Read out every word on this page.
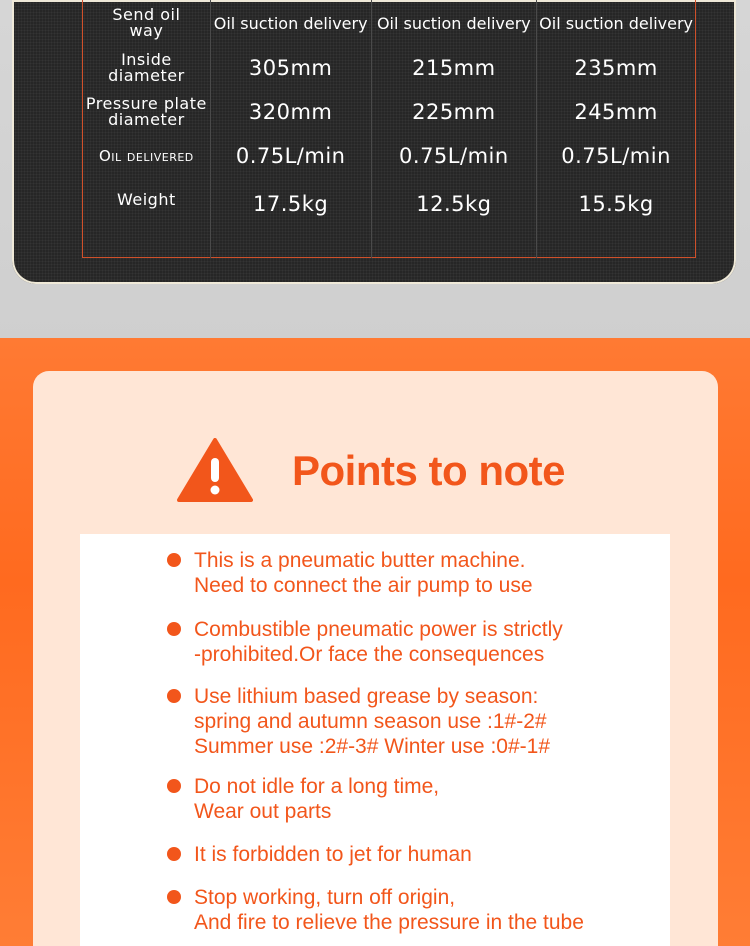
Send oil
way	Oil suction delivery	Oil suction delivery	Oil suction delivery
Inside
diameter	305mm	215mm	235mm
Pressure plate
diameter	320mm	225mm	245mm
Oil delivered	0.75L/min	0.75L/min	0.75L/min
Weight	17.5kg	12.5kg	15.5kg
Points to note
This is a pneumatic butter machine.
Need to connect the air pump to use
Combustible pneumatic power is strictly
-prohibited.Or face the consequences
Use lithium based grease by season:
spring and autumn season use :1#-2#
Summer use :2#-3# Winter use :0#-1#
Do not idle for a long time,
Wear out parts
It is forbidden to jet for human
Stop working, turn off origin,
And fire to relieve the pressure in the tube
